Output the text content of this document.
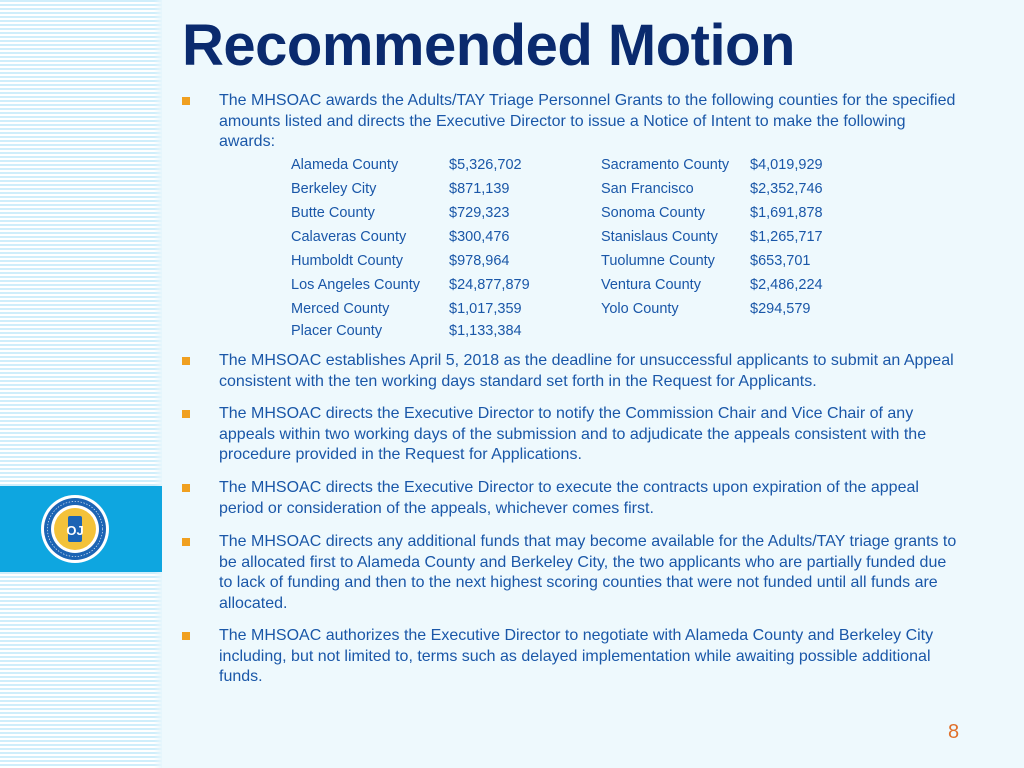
OJ
Recommended Motion
The MHSOAC awards the Adults/TAY Triage Personnel Grants to the following counties for the specified amounts listed and directs the Executive Director to issue a Notice of Intent to make the following awards:
Alameda County	$5,326,702	Sacramento County $4,019,929
Berkeley City	$871,139	San Francisco	$2,352,746
Butte County	$729,323	Sonoma County	$1,691,878
Calaveras County	$300,476	Stanislaus County $1,265,717
Humboldt County	$978,964	Tuolumne County $653,701
Los Angeles County $24,877,879	Ventura County	$2,486,224
Merced County	$1,017,359	Yolo County	$294,579
Placer County	$1,133,384
The MHSOAC establishes April 5, 2018 as the deadline for unsuccessful applicants to submit an Appeal consistent with the ten working days standard set forth in the Request for Applicants.
The MHSOAC directs the Executive Director to notify the Commission Chair and Vice Chair of any appeals within two working days of the submission and to adjudicate the appeals consistent with the procedure provided in the Request for Applications.
The MHSOAC directs the Executive Director to execute the contracts upon expiration of the appeal period or consideration of the appeals, whichever comes first.
The MHSOAC directs any additional funds that may become available for the Adults/TAY triage grants to be allocated first to Alameda County and Berkeley City, the two applicants who are partially funded due to lack of funding and then to the next highest scoring counties that were not funded until all funds are allocated.
The MHSOAC authorizes the Executive Director to negotiate with Alameda County and Berkeley City including, but not limited to, terms such as delayed implementation while awaiting possible additional funds.
8
